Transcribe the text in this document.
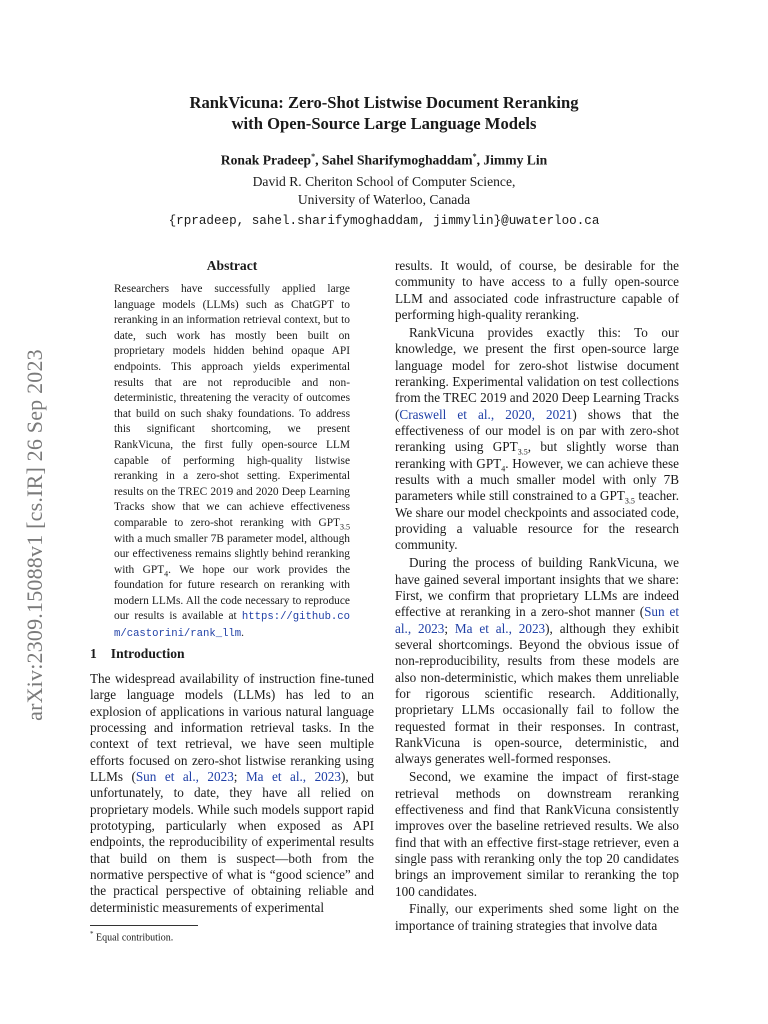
arXiv:2309.15088v1 [cs.IR] 26 Sep 2023
RankVicuna: Zero-Shot Listwise Document Reranking
with Open-Source Large Language Models
Ronak Pradeep*, Sahel Sharifymoghaddam*, Jimmy Lin
David R. Cheriton School of Computer Science,
University of Waterloo, Canada
{rpradeep, sahel.sharifymoghaddam, jimmylin}@uwaterloo.ca
Abstract
Researchers have successfully applied large language models (LLMs) such as ChatGPT to reranking in an information retrieval context, but to date, such work has mostly been built on proprietary models hidden behind opaque API endpoints. This approach yields experimental results that are not reproducible and non-deterministic, threatening the veracity of outcomes that build on such shaky foundations. To address this significant shortcoming, we present RankVicuna, the first fully open-source LLM capable of performing high-quality listwise reranking in a zero-shot setting. Experimental results on the TREC 2019 and 2020 Deep Learning Tracks show that we can achieve effectiveness comparable to zero-shot reranking with $GPT_{3.5}$ with a much smaller 7B parameter model, although our effectiveness remains slightly behind reranking with $GPT_4$. We hope our work provides the foundation for future research on reranking with modern LLMs. All the code necessary to reproduce our results is available at https://github.com/castorini/rank_llm.
1 Introduction
The widespread availability of instruction fine-tuned large language models (LLMs) has led to an explosion of applications in various natural language processing and information retrieval tasks. In the context of text retrieval, we have seen multiple efforts focused on zero-shot listwise reranking using LLMs (Sun et al., 2023; Ma et al., 2023), but unfortunately, to date, they have all relied on proprietary models. While such models support rapid prototyping, particularly when exposed as API endpoints, the reproducibility of experimental results that build on them is suspect—both from the normative perspective of what is “good science” and the practical perspective of obtaining reliable and deterministic measurements of experimental
* Equal contribution.

results. It would, of course, be desirable for the community to have access to a fully open-source LLM and associated code infrastructure capable of performing high-quality reranking.

RankVicuna provides exactly this: To our knowledge, we present the first open-source large language model for zero-shot listwise document reranking. Experimental validation on test collections from the TREC 2019 and 2020 Deep Learning Tracks (Craswell et al., 2020, 2021) shows that the effectiveness of our model is on par with zero-shot reranking using $GPT_{3.5}$, but slightly worse than reranking with $GPT_4$. However, we can achieve these results with a much smaller model with only 7B parameters while still constrained to a $GPT_{3.5}$ teacher. We share our model checkpoints and associated code, providing a valuable resource for the research community.

During the process of building RankVicuna, we have gained several important insights that we share: First, we confirm that proprietary LLMs are indeed effective at reranking in a zero-shot manner (Sun et al., 2023; Ma et al., 2023), although they exhibit several shortcomings. Beyond the obvious issue of non-reproducibility, results from these models are also non-deterministic, which makes them unreliable for rigorous scientific research. Additionally, proprietary LLMs occasionally fail to follow the requested format in their responses. In contrast, RankVicuna is open-source, deterministic, and always generates well-formed responses.

Second, we examine the impact of first-stage retrieval methods on downstream reranking effectiveness and find that RankVicuna consistently improves over the baseline retrieved results. We also find that with an effective first-stage retriever, even a single pass with reranking only the top 20 candidates brings an improvement similar to reranking the top 100 candidates.

Finally, our experiments shed some light on the importance of training strategies that involve data
